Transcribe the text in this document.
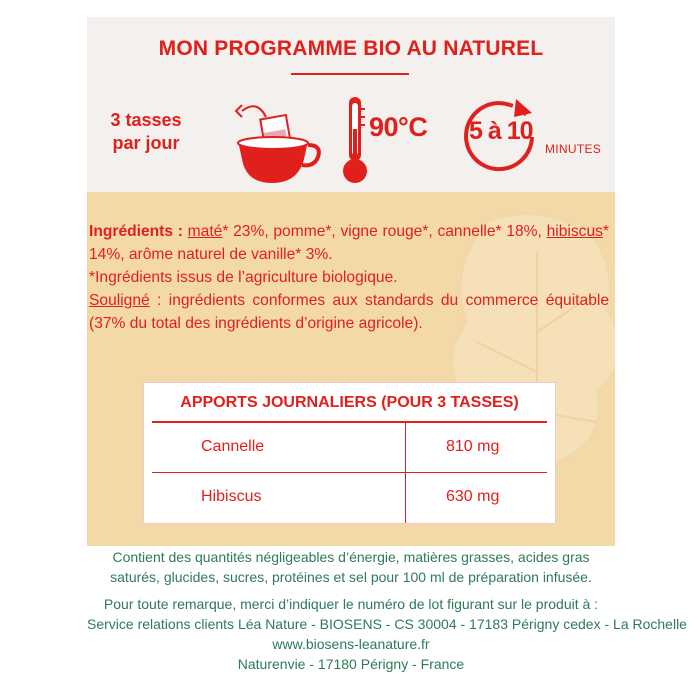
MON PROGRAMME BIO AU NATUREL
3 tasses
par jour
90°C 5 à 10
MINUTES

Ingrédients : maté* 23%, pomme*, vigne rouge*, cannelle* 18%, hibiscus* 14%, arôme naturel de vanille* 3%.

*Ingrédients issus de l’agriculture biologique.

Souligné : ingrédients conformes aux standards du commerce équitable (37% du total des ingrédients d’origine agricole).

APPORTS JOURNALIERS (POUR 3 TASSES)
Cannelle	810 mg
Hibiscus	630 mg
Contient des quantités négligeables d’énergie, matières grasses, acides gras
saturés, glucides, sucres, protéines et sel pour 100 ml de préparation infusée.
Pour toute remarque, merci d’indiquer le numéro de lot figurant sur le produit à :
Service relations clients Léa Nature - BIOSENS - CS 30004 - 17183 Périgny cedex - La Rochelle
www.biosens-leanature.fr
Naturenvie - 17180 Périgny - France
